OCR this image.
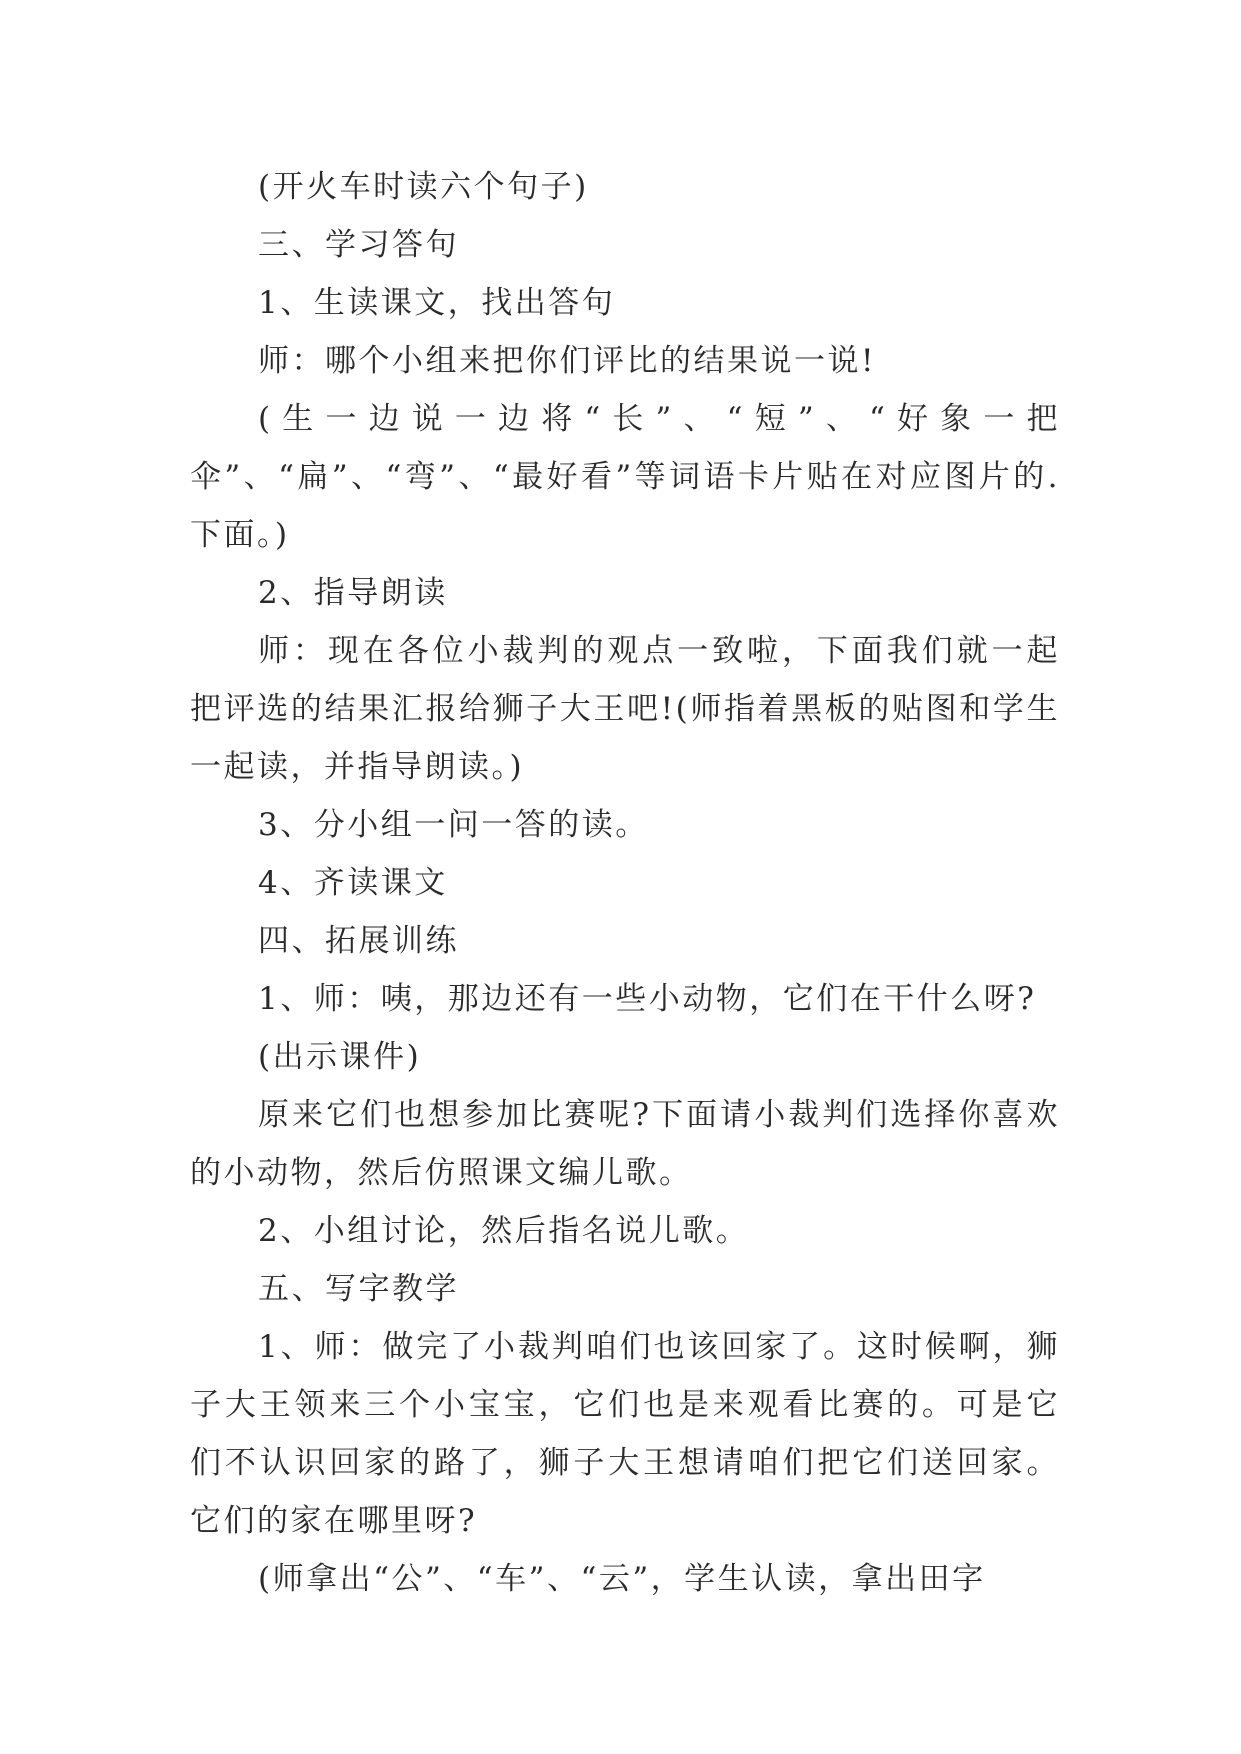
(开火车时读六个句子)

三、学习答句

1、生读课文，找出答句

师：哪个小组来把你们评比的结果说一说!

(生一边说一边将“长”、“短”、“好象一把伞”、“扁”、“弯”、“最好看”等词语卡片贴在对应图片的.下面。)

2、指导朗读

师：现在各位小裁判的观点一致啦，下面我们就一起把评选的结果汇报给狮子大王吧!(师指着黑板的贴图和学生一起读，并指导朗读。)

3、分小组一问一答的读。

4、齐读课文

四、拓展训练

1、师：咦，那边还有一些小动物，它们在干什么呀?

(出示课件)

原来它们也想参加比赛呢?下面请小裁判们选择你喜欢的小动物，然后仿照课文编儿歌。

2、小组讨论，然后指名说儿歌。

五、写字教学

1、师：做完了小裁判咱们也该回家了。这时候啊，狮子大王领来三个小宝宝，它们也是来观看比赛的。可是它们不认识回家的路了，狮子大王想请咱们把它们送回家。它们的家在哪里呀?

(师拿出“公”、“车”、“云”，学生认读，拿出田字
